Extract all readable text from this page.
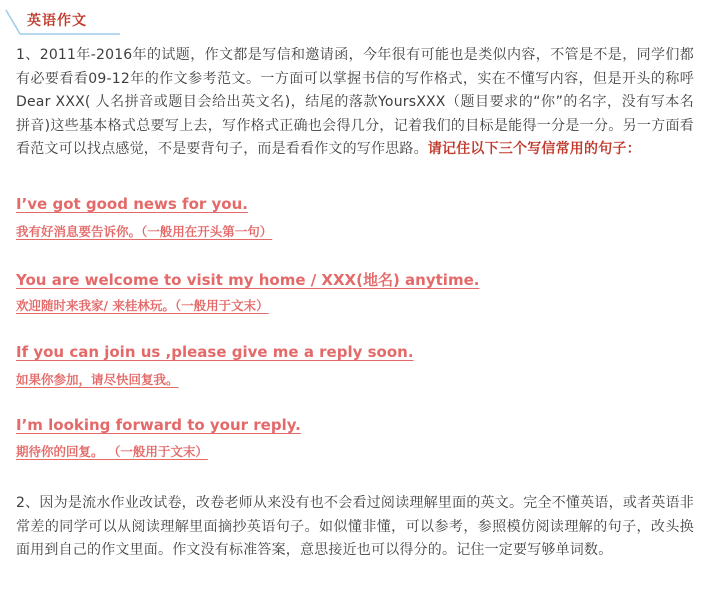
英语作文

1、2011年-2016年的试题，作文都是写信和邀请函，今年很有可能也是类似内容，不管是不是，同学们都有必要看看09-12年的作文参考范文。一方面可以掌握书信的写作格式，实在不懂写内容，但是开头的称呼Dear XXX( 人名拼音或题目会给出英文名)，结尾的落款YoursXXX（题目要求的“你”的名字，没有写本名拼音)这些基本格式总要写上去，写作格式正确也会得几分，记着我们的目标是能得一分是一分。另一方面看看范文可以找点感觉，不是要背句子，而是看看作文的写作思路。请记住以下三个写信常用的句子：

I’ve got good news for you.

我有好消息要告诉你。（一般用在开头第一句）

You are welcome to visit my home / XXX(地名) anytime.

欢迎随时来我家/ 来桂林玩。（一般用于文末）

If you can join us ,please give me a reply soon.

如果你参加，请尽快回复我。

I’m looking forward to your reply.

期待你的回复。 （一般用于文末）

2、因为是流水作业改试卷，改卷老师从来没有也不会看过阅读理解里面的英文。完全不懂英语，或者英语非常差的同学可以从阅读理解里面摘抄英语句子。如似懂非懂，可以参考，参照模仿阅读理解的句子，改头换面用到自己的作文里面。作文没有标准答案，意思接近也可以得分的。记住一定要写够单词数。
